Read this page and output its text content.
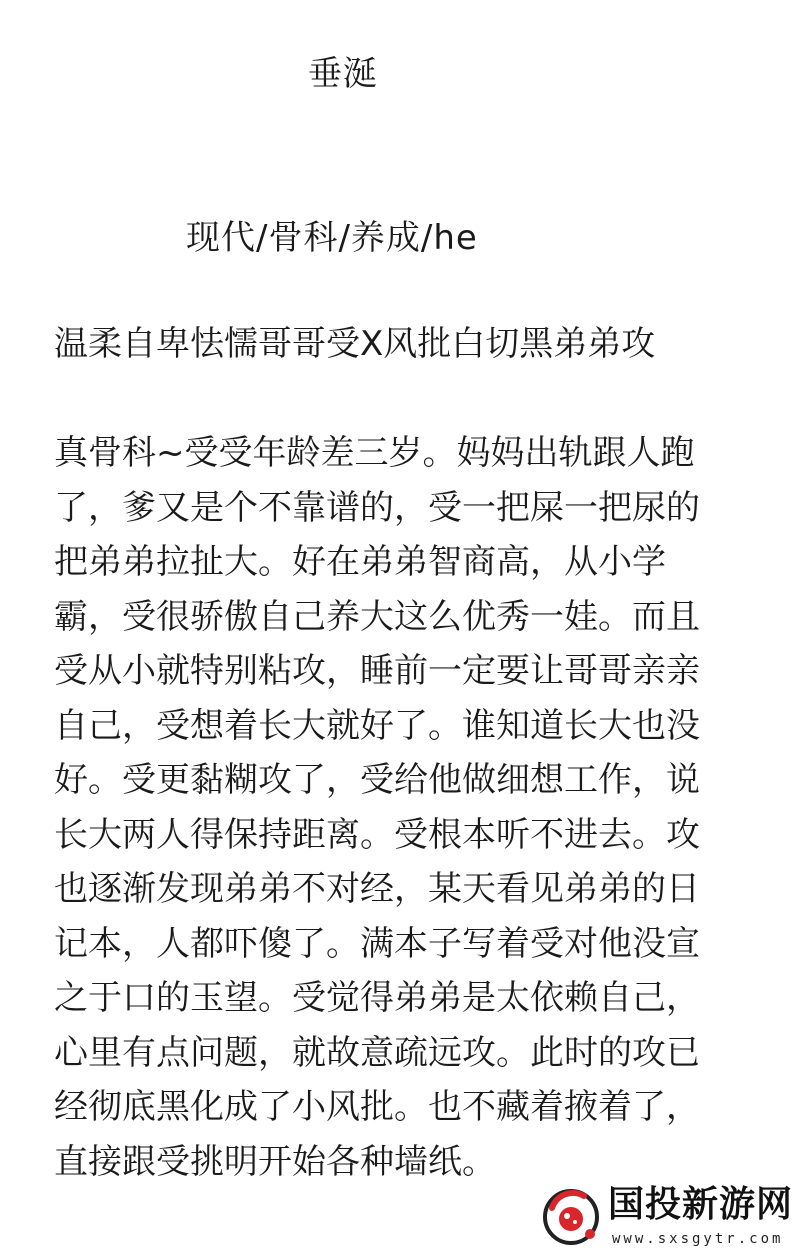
垂涎
现代/骨科/养成/he
温柔自卑怯懦哥哥受X风批白切黑弟弟攻
真骨科~受受年龄差三岁。妈妈出轨跟人跑
了，爹又是个不靠谱的，受一把屎一把尿的
把弟弟拉扯大。好在弟弟智商高，从小学
霸，受很骄傲自己养大这么优秀一娃。而且
受从小就特别粘攻，睡前一定要让哥哥亲亲
自己，受想着长大就好了。谁知道长大也没
好。受更黏糊攻了，受给他做细想工作，说
长大两人得保持距离。受根本听不进去。攻
也逐渐发现弟弟不对经，某天看见弟弟的日
记本，人都吓傻了。满本子写着受对他没宣
之于口的玉望。受觉得弟弟是太依赖自己，
心里有点问题，就故意疏远攻。此时的攻已
经彻底黑化成了小风批。也不藏着掖着了，
直接跟受挑明开始各种墙纸。
国投新游网
www.sxsgytr.com
